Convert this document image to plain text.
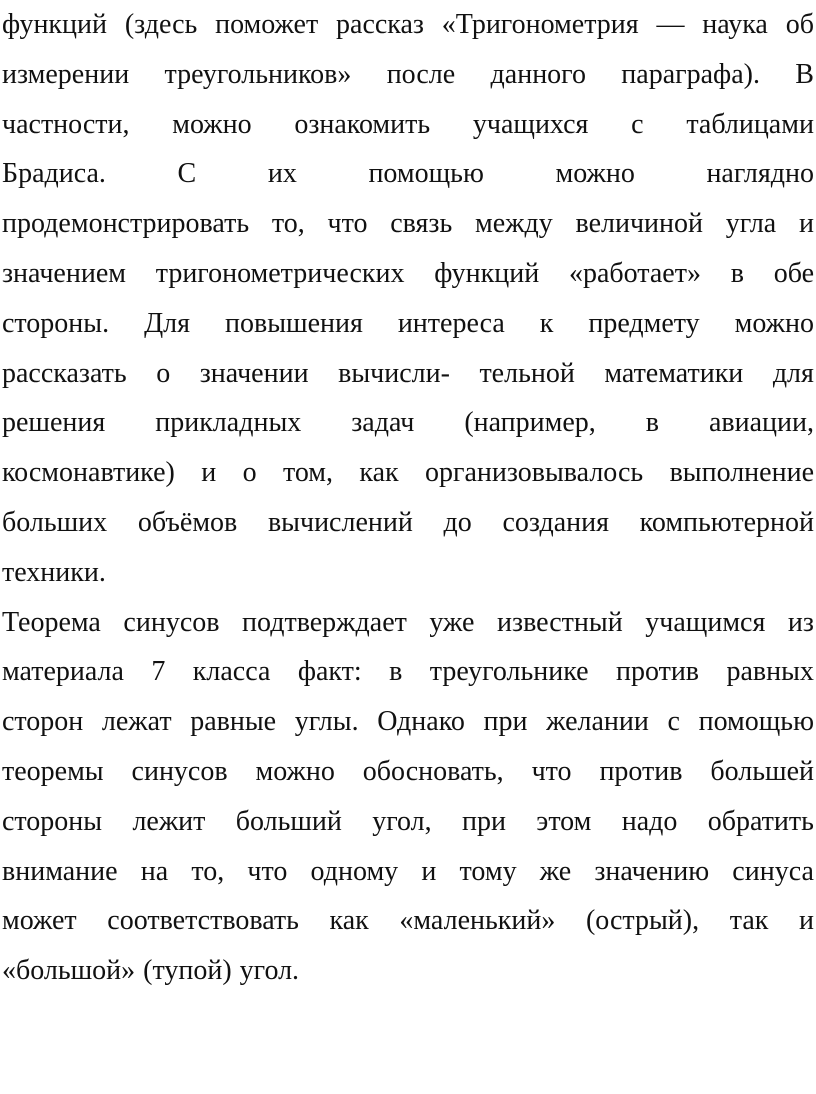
функций (здесь поможет рассказ «Тригонометрия — наука об
измерении треугольников» после данного параграфа). В
частности, можно ознакомить учащихся с таблицами
Брадиса.	С	их	помощью	можно	наглядно
продемонстрировать то, что связь между величиной угла и
значением тригонометрических функций «работает» в обе
стороны. Для повышения интереса к предмету можно
рассказать о значении вычисли- тельной математики для
решения прикладных задач (например, в авиации,
космонавтике) и о том, как организовывалось выполнение
больших объёмов вычислений до создания компьютерной
техники.
Теорема синусов подтверждает уже известный учащимся из
материала 7 класса факт: в треугольнике против равных
сторон лежат равные углы. Однако при желании с помощью
теоремы синусов можно обосновать, что против большей
стороны лежит больший угол, при этом надо обратить
внимание на то, что одному и тому же значению синуса
может соответствовать как «маленький» (острый), так и
«большой» (тупой) угол.
